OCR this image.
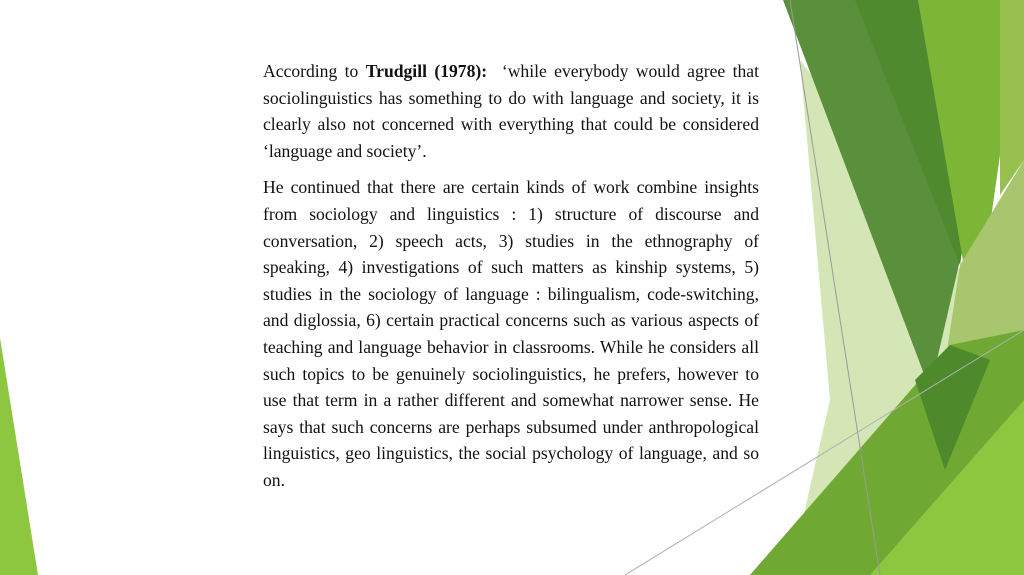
According to Trudgill (1978):  ‘while everybody would agree that sociolinguistics has something to do with language and society, it is clearly also not concerned with everything that could be considered ‘language and society’.

He continued that there are certain kinds of work combine insights from sociology and linguistics : 1) structure of discourse and conversation, 2) speech acts, 3) studies in the ethnography of speaking, 4) investigations of such matters as kinship systems, 5) studies in the sociology of language : bilingualism, code-switching, and diglossia, 6) certain practical concerns such as various aspects of teaching and language behavior in classrooms. While he considers all such topics to be genuinely sociolinguistics, he prefers, however to use that term in a rather different and somewhat narrower sense. He says that such concerns are perhaps subsumed under anthropological linguistics, geo linguistics, the social psychology of language, and so on.
